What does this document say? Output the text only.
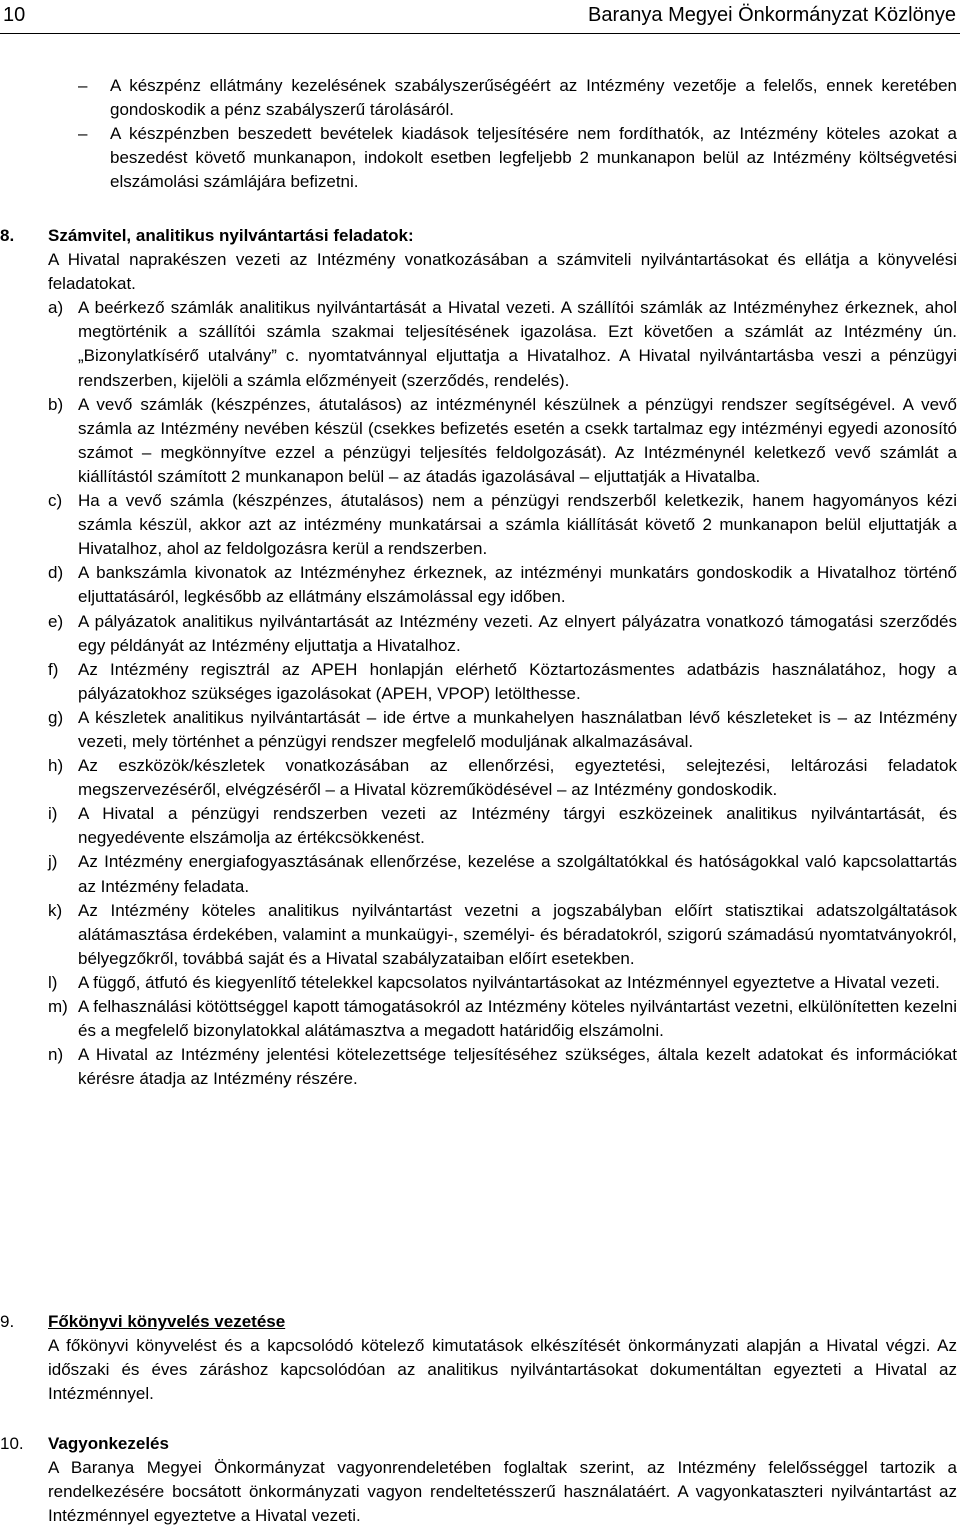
10	Baranya Megyei Önkormányzat Közlönye
– A készpénz ellátmány kezelésének szabályszerűségéért az Intézmény vezetője a felelős, ennek keretében gondoskodik a pénz szabályszerű tárolásáról.
– A készpénzben beszedett bevételek kiadások teljesítésére nem fordíthatók, az Intézmény köteles azokat a beszedést követő munkanapon, indokolt esetben legfeljebb 2 munkanapon belül az Intézmény költségvetési elszámolási számlájára befizetni.
8. Számvitel, analitikus nyilvántartási feladatok:
A Hivatal naprakészen vezeti az Intézmény vonatkozásában a számviteli nyilvántartásokat és ellátja a könyvelési feladatokat.
a) A beérkező számlák analitikus nyilvántartását a Hivatal vezeti. A szállítói számlák az Intézményhez érkeznek, ahol megtörténik a szállítói számla szakmai teljesítésének igazolása. Ezt követően a számlát az Intézmény ún. „Bizonylatkísérő utalvány” c. nyomtatvánnyal eljuttatja a Hivatalhoz. A Hivatal nyilvántartásba veszi a pénzügyi rendszerben, kijelöli a számla előzményeit (szerződés, rendelés).
b) A vevő számlák (készpénzes, átutalásos) az intézménynél készülnek a pénzügyi rendszer segítségével. A vevő számla az Intézmény nevében készül (csekkes befizetés esetén a csekk tartalmaz egy intézményi egyedi azonosító számot – megkönnyítve ezzel a pénzügyi teljesítés feldolgozását). Az Intézménynél keletkező vevő számlát a kiállítástól számított 2 munkanapon belül – az átadás igazolásával – eljuttatják a Hivatalba.
c) Ha a vevő számla (készpénzes, átutalásos) nem a pénzügyi rendszerből keletkezik, hanem hagyományos kézi számla készül, akkor azt az intézmény munkatársai a számla kiállítását követő 2 munkanapon belül eljuttatják a Hivatalhoz, ahol az feldolgozásra kerül a rendszerben.
d) A bankszámla kivonatok az Intézményhez érkeznek, az intézményi munkatárs gondoskodik a Hivatalhoz történő eljuttatásáról, legkésőbb az ellátmány elszámolással egy időben.
e) A pályázatok analitikus nyilvántartását az Intézmény vezeti. Az elnyert pályázatra vonatkozó támogatási szerződés egy példányát az Intézmény eljuttatja a Hivatalhoz.
f) Az Intézmény regisztrál az APEH honlapján elérhető Köztartozásmentes adatbázis használatához, hogy a pályázatokhoz szükséges igazolásokat (APEH, VPOP) letölthesse.
g) A készletek analitikus nyilvántartását – ide értve a munkahelyen használatban lévő készleteket is – az Intézmény vezeti, mely történhet a pénzügyi rendszer megfelelő moduljának alkalmazásával.
h) Az eszközök/készletek vonatkozásában az ellenőrzési, egyeztetési, selejtezési, leltározási feladatok megszervezéséről, elvégzéséről – a Hivatal közreműködésével – az Intézmény gondoskodik.
i) A Hivatal a pénzügyi rendszerben vezeti az Intézmény tárgyi eszközeinek analitikus nyilvántartását, és negyedévente elszámolja az értékcsökkenést.
j) Az Intézmény energiafogyasztásának ellenőrzése, kezelése a szolgáltatókkal és hatóságokkal való kapcsolattartás az Intézmény feladata.
k) Az Intézmény köteles analitikus nyilvántartást vezetni a jogszabályban előírt statisztikai adatszolgáltatások alátámasztása érdekében, valamint a munkaügyi-, személyi- és béradatokról, szigorú számadású nyomtatványokról, bélyegzőkről, továbbá saját és a Hivatal szabályzataiban előírt esetekben.
l) A függő, átfutó és kiegyenlítő tételekkel kapcsolatos nyilvántartásokat az Intézménnyel egyeztetve a Hivatal vezeti.
m) A felhasználási kötöttséggel kapott támogatásokról az Intézmény köteles nyilvántartást vezetni, elkülönítetten kezelni és a megfelelő bizonylatokkal alátámasztva a megadott határidőig elszámolni.
n) A Hivatal az Intézmény jelentési kötelezettsége teljesítéséhez szükséges, általa kezelt adatokat és információkat kérésre átadja az Intézmény részére.
9. Főkönyvi könyvelés vezetése
A főkönyvi könyvelést és a kapcsolódó kötelező kimutatások elkészítését önkormányzati alapján a Hivatal végzi. Az időszaki és éves záráshoz kapcsolódóan az analitikus nyilvántartásokat dokumentáltan egyezteti a Hivatal az Intézménnyel.
10. Vagyonkezelés
A Baranya Megyei Önkormányzat vagyonrendeletében foglaltak szerint, az Intézmény felelősséggel tartozik a rendelkezésére bocsátott önkormányzati vagyon rendeltetésszerű használatáért. A vagyonkataszteri nyilvántartást az Intézménnyel egyeztetve a Hivatal vezeti.
